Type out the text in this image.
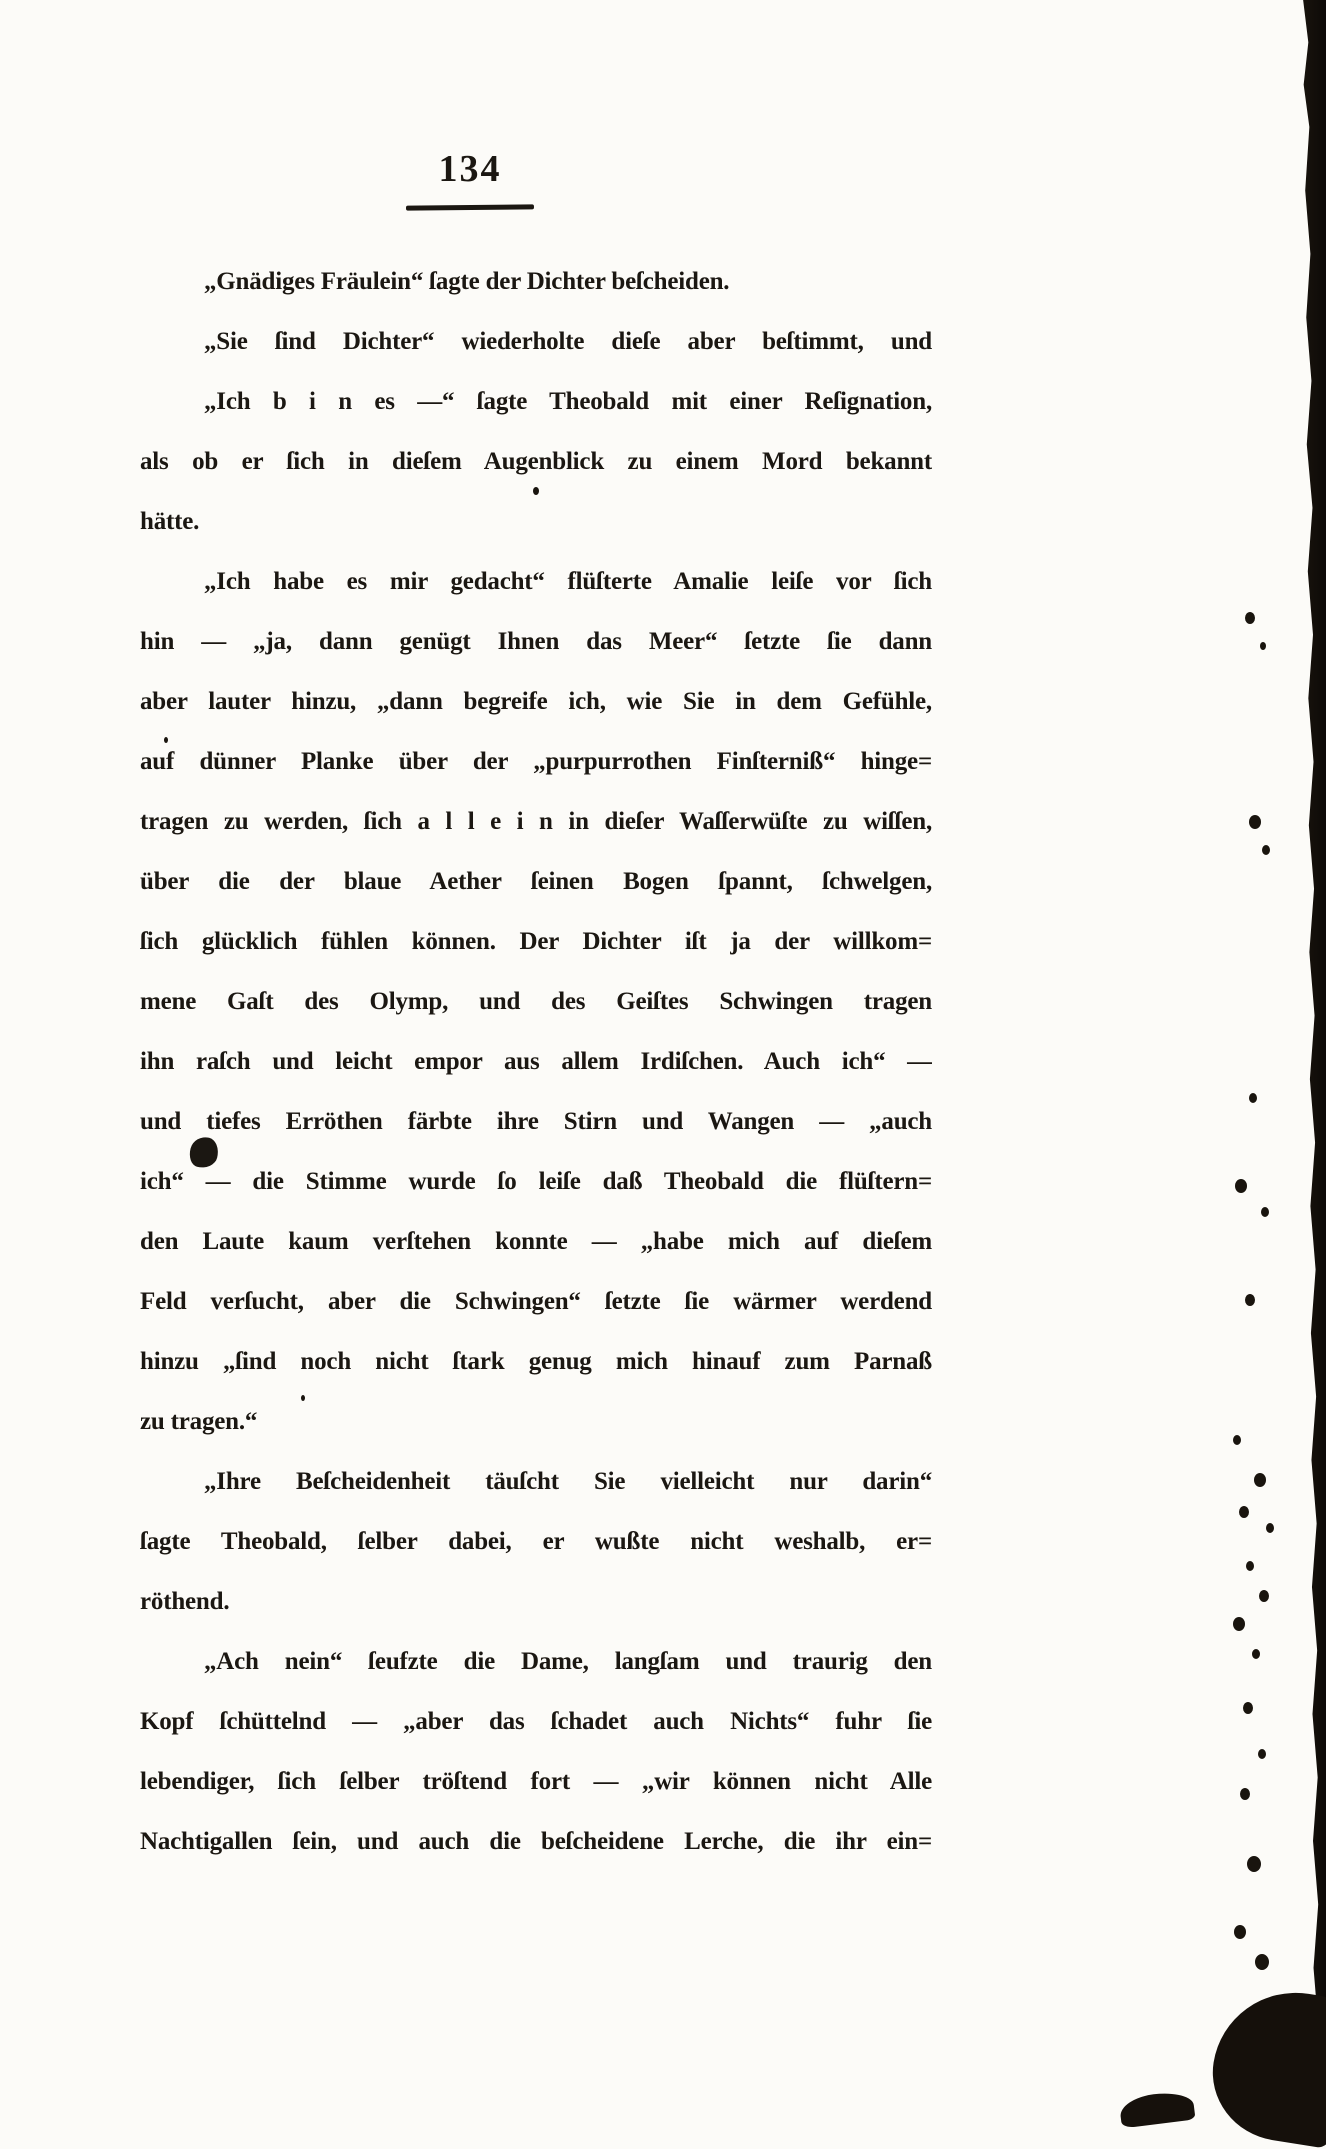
134
„Gnädiges Fräulein“ ſagte der Dichter beſcheiden.
„Sie ſind Dichter“ wiederholte dieſe aber beſtimmt, und
„Ich b i n es —“ ſagte Theobald mit einer Reſignation,
als ob er ſich in dieſem Augenblick zu einem Mord bekannt
hätte.
„Ich habe es mir gedacht“ flüſterte Amalie leiſe vor ſich
hin — „ja, dann genügt Ihnen das Meer“ ſetzte ſie dann
aber lauter hinzu, „dann begreife ich, wie Sie in dem Gefühle,
auf dünner Planke über der „purpurrothen Finſterniß“ hinge=
tragen zu werden, ſich a l l e i n in dieſer Waſſerwüſte zu wiſſen,
über die der blaue Aether ſeinen Bogen ſpannt, ſchwelgen,
ſich glücklich fühlen können. Der Dichter iſt ja der willkom=
mene Gaſt des Olymp, und des Geiſtes Schwingen tragen
ihn raſch und leicht empor aus allem Irdiſchen. Auch ich“ —
und tiefes Erröthen färbte ihre Stirn und Wangen — „auch
ich“ — die Stimme wurde ſo leiſe daß Theobald die flüſtern=
den Laute kaum verſtehen konnte — „habe mich auf dieſem
Feld verſucht, aber die Schwingen“ ſetzte ſie wärmer werdend
hinzu „ſind noch nicht ſtark genug mich hinauf zum Parnaß
zu tragen.“
„Ihre Beſcheidenheit täuſcht Sie vielleicht nur darin“
ſagte Theobald, ſelber dabei, er wußte nicht weshalb, er=
röthend.
„Ach nein“ ſeufzte die Dame, langſam und traurig den
Kopf ſchüttelnd — „aber das ſchadet auch Nichts“ fuhr ſie
lebendiger, ſich ſelber tröſtend fort — „wir können nicht Alle
Nachtigallen ſein, und auch die beſcheidene Lerche, die ihr ein=
